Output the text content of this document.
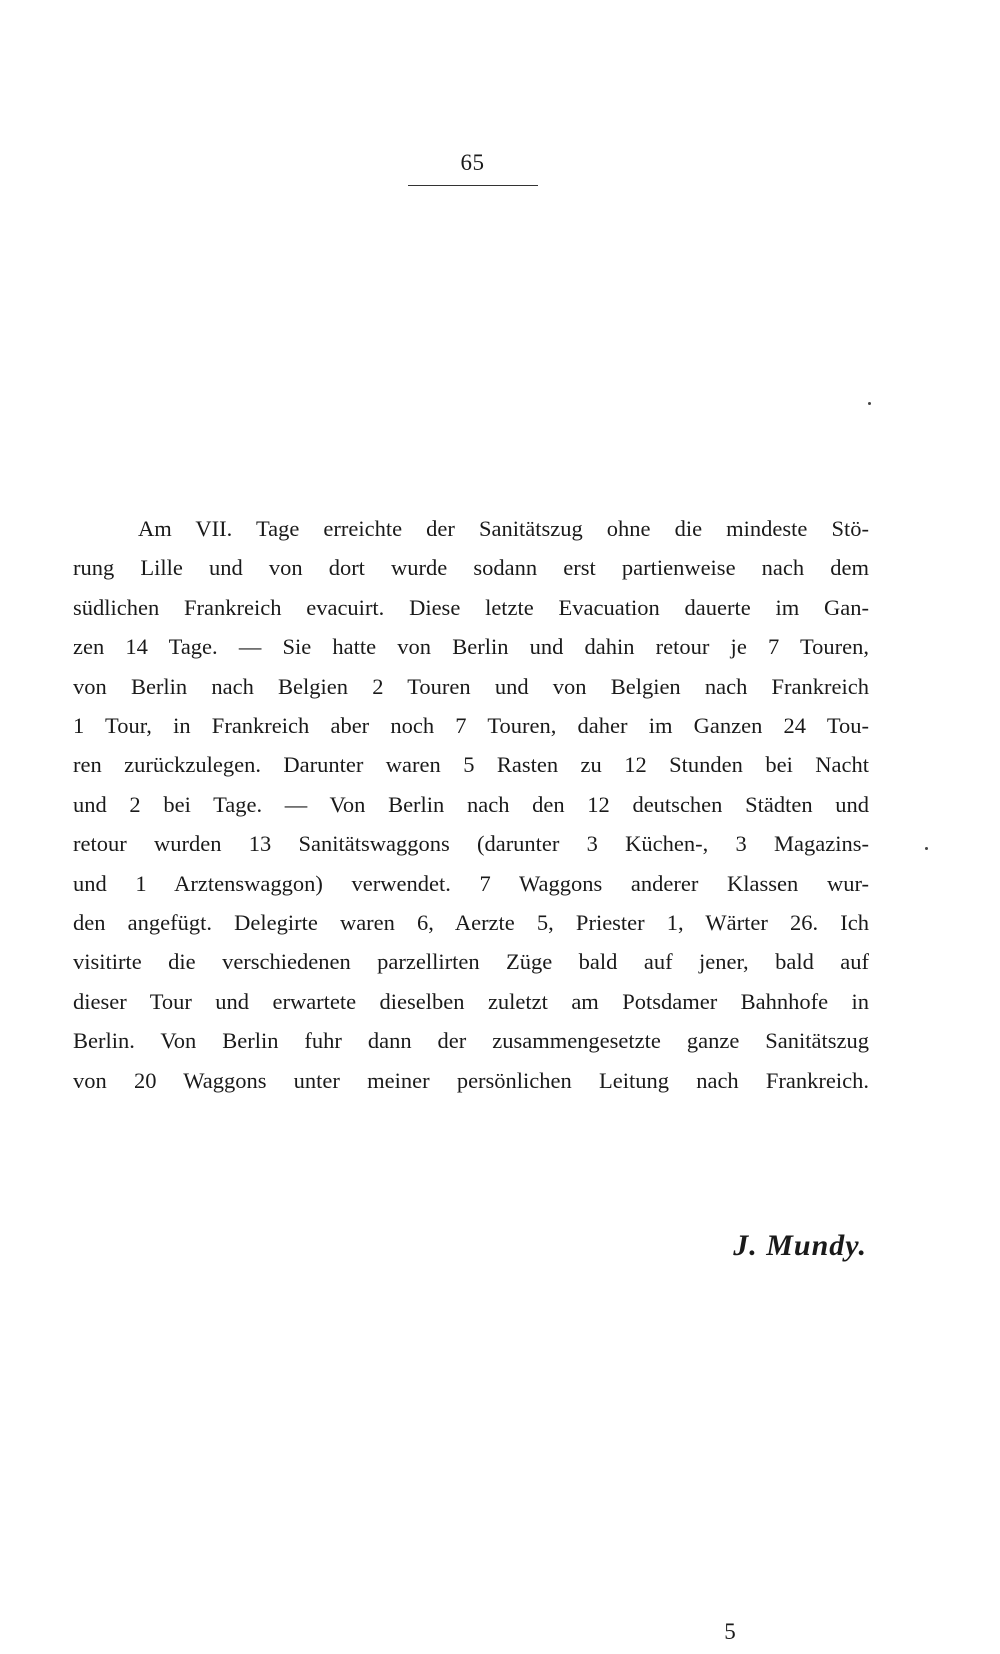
65
Am VII. Tage erreichte der Sanitätszug ohne die mindeste Stö-
rung Lille und von dort wurde sodann erst partienweise nach dem
südlichen Frankreich evacuirt. Diese letzte Evacuation dauerte im Gan-
zen 14 Tage. — Sie hatte von Berlin und dahin retour je 7 Touren,
von Berlin nach Belgien 2 Touren und von Belgien nach Frankreich
1 Tour, in Frankreich aber noch 7 Touren, daher im Ganzen 24 Tou-
ren zurückzulegen. Darunter waren 5 Rasten zu 12 Stunden bei Nacht
und 2 bei Tage. — Von Berlin nach den 12 deutschen Städten und
retour wurden 13 Sanitätswaggons (darunter 3 Küchen-, 3 Magazins-
und 1 Arztenswaggon) verwendet. 7 Waggons anderer Klassen wur-
den angefügt. Delegirte waren 6, Aerzte 5, Priester 1, Wärter 26. Ich
visitirte die verschiedenen parzellirten Züge bald auf jener, bald auf
dieser Tour und erwartete dieselben zuletzt am Potsdamer Bahnhofe in
Berlin. Von Berlin fuhr dann der zusammengesetzte ganze Sanitätszug
von 20 Waggons unter meiner persönlichen Leitung nach Frankreich.
J. Mundy.
5
